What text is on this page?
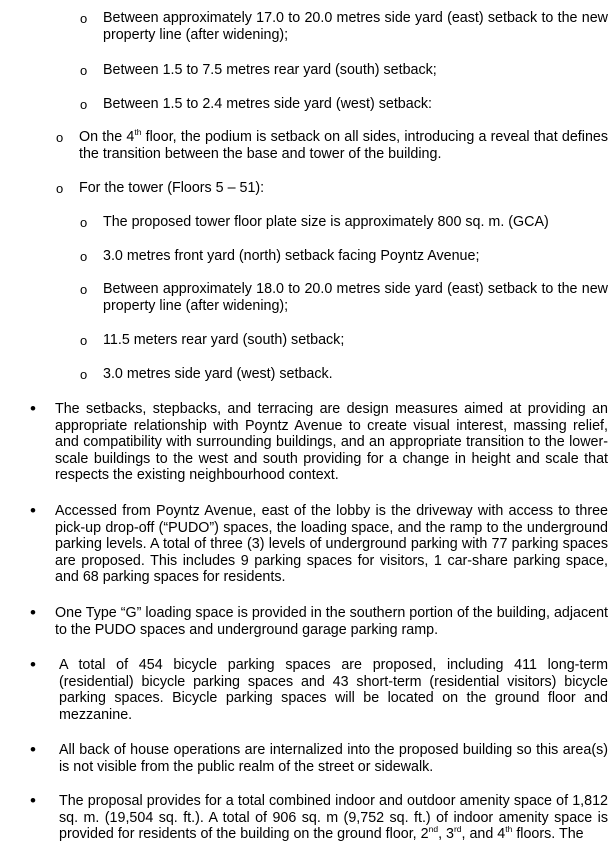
o Between approximately 17.0 to 20.0 metres side yard (east) setback to the new property line (after widening);
o Between 1.5 to 7.5 metres rear yard (south) setback;
o Between 1.5 to 2.4 metres side yard (west) setback:
o On the 4th floor, the podium is setback on all sides, introducing a reveal that defines the transition between the base and tower of the building.
o For the tower (Floors 5 – 51):
o The proposed tower floor plate size is approximately 800 sq. m. (GCA)
o 3.0 metres front yard (north) setback facing Poyntz Avenue;
o Between approximately 18.0 to 20.0 metres side yard (east) setback to the new property line (after widening);
o 11.5 meters rear yard (south) setback;
o 3.0 metres side yard (west) setback.
• The setbacks, stepbacks, and terracing are design measures aimed at providing an appropriate relationship with Poyntz Avenue to create visual interest, massing relief, and compatibility with surrounding buildings, and an appropriate transition to the lower-scale buildings to the west and south providing for a change in height and scale that respects the existing neighbourhood context.
• Accessed from Poyntz Avenue, east of the lobby is the driveway with access to three pick-up drop-off (“PUDO”) spaces, the loading space, and the ramp to the underground parking levels. A total of three (3) levels of underground parking with 77 parking spaces are proposed. This includes 9 parking spaces for visitors, 1 car-share parking space, and 68 parking spaces for residents.
• One Type “G” loading space is provided in the southern portion of the building, adjacent to the PUDO spaces and underground garage parking ramp.
• A total of 454 bicycle parking spaces are proposed, including 411 long-term (residential) bicycle parking spaces and 43 short-term (residential visitors) bicycle parking spaces. Bicycle parking spaces will be located on the ground floor and mezzanine.
• All back of house operations are internalized into the proposed building so this area(s) is not visible from the public realm of the street or sidewalk.
• The proposal provides for a total combined indoor and outdoor amenity space of 1,812 sq. m. (19,504 sq. ft.). A total of 906 sq. m (9,752 sq. ft.) of indoor amenity space is provided for residents of the building on the ground floor, 2nd, 3rd, and 4th floors. The
